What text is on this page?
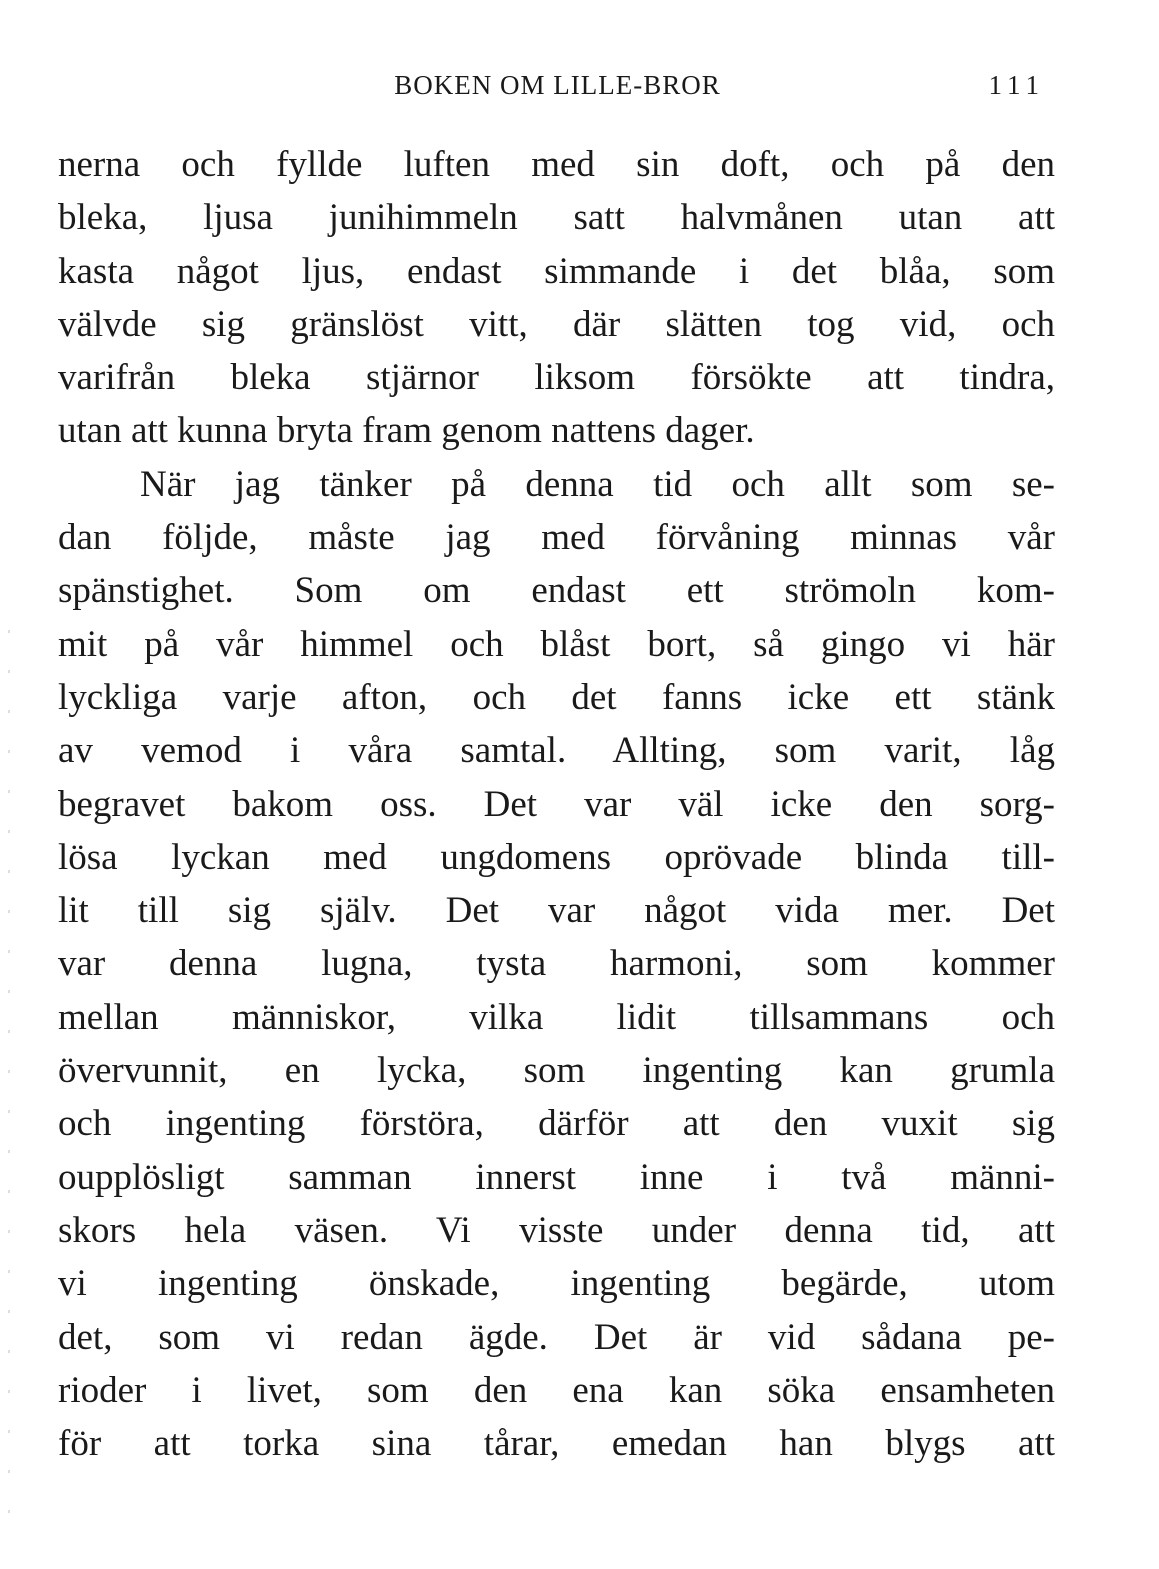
BOKEN OM LILLE-BROR	111
nerna och fyllde luften med sin doft, och på den
bleka, ljusa junihimmeln satt halvmånen utan att
kasta något ljus, endast simmande i det blåa, som
välvde sig gränslöst vitt, där slätten tog vid, och
varifrån bleka stjärnor liksom försökte att tindra,
utan att kunna bryta fram genom nattens dager.
När jag tänker på denna tid och allt som se-
dan följde, måste jag med förvåning minnas vår
spänstighet. Som om endast ett strömoln kom-
mit på vår himmel och blåst bort, så gingo vi här
lyckliga varje afton, och det fanns icke ett stänk
av vemod i våra samtal. Allting, som varit, låg
begravet bakom oss. Det var väl icke den sorg-
lösa lyckan med ungdomens oprövade blinda till-
lit till sig själv. Det var något vida mer. Det
var denna lugna, tysta harmoni, som kommer
mellan människor, vilka lidit tillsammans och
övervunnit, en lycka, som ingenting kan grumla
och ingenting förstöra, därför att den vuxit sig
oupplösligt samman innerst inne i två männi-
skors hela väsen. Vi visste under denna tid, att
vi ingenting önskade, ingenting begärde, utom
det, som vi redan ägde. Det är vid sådana pe-
rioder i livet, som den ena kan söka ensamheten
för att torka sina tårar, emedan han blygs att
